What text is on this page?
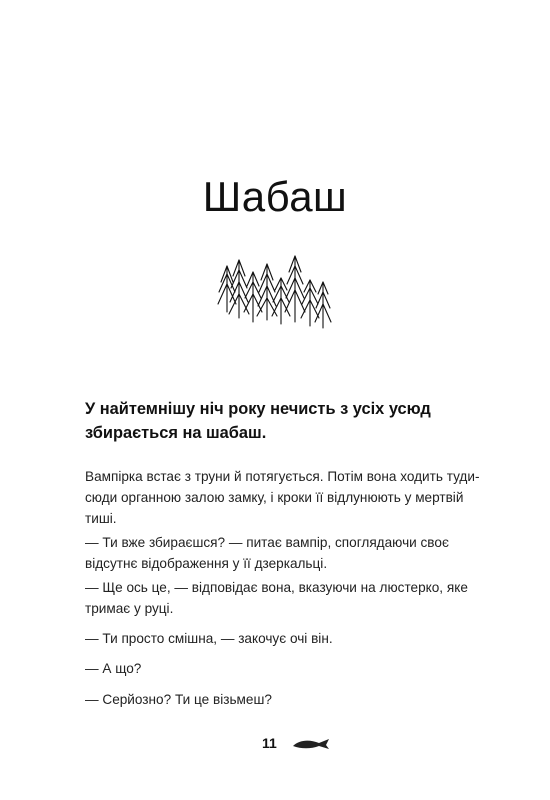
Шабаш

У найтемнішу ніч року нечисть з усіх усюд збирається на шабаш.

Вампірка встає з труни й потягується. Потім вона ходить туди-сюди органною залою замку, і кроки її відлунюють у мертвій тиші.

— Ти вже збираєшся? — питає вампір, споглядаючи своє відсутнє відображення у її дзеркальці.

— Ще ось це, — відповідає вона, вказуючи на люстерко, яке тримає у руці.

— Ти просто смішна, — закочує очі він.

— А що?

— Серйозно? Ти це візьмеш?

11
